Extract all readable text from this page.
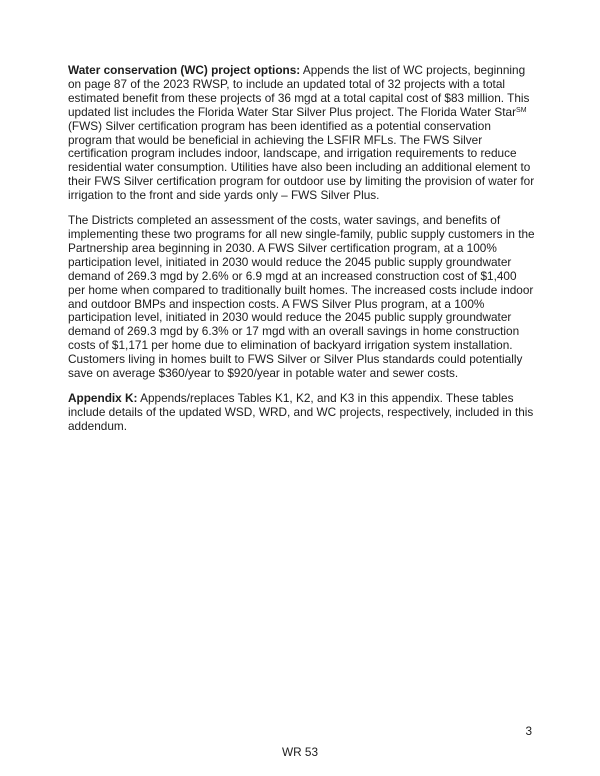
Water conservation (WC) project options: Appends the list of WC projects, beginning on page 87 of the 2023 RWSP, to include an updated total of 32 projects with a total estimated benefit from these projects of 36 mgd at a total capital cost of $83 million. This updated list includes the Florida Water Star Silver Plus project. The Florida Water Star℠ (FWS) Silver certification program has been identified as a potential conservation program that would be beneficial in achieving the LSFIR MFLs. The FWS Silver certification program includes indoor, landscape, and irrigation requirements to reduce residential water consumption. Utilities have also been including an additional element to their FWS Silver certification program for outdoor use by limiting the provision of water for irrigation to the front and side yards only – FWS Silver Plus.

The Districts completed an assessment of the costs, water savings, and benefits of implementing these two programs for all new single-family, public supply customers in the Partnership area beginning in 2030. A FWS Silver certification program, at a 100% participation level, initiated in 2030 would reduce the 2045 public supply groundwater demand of 269.3 mgd by 2.6% or 6.9 mgd at an increased construction cost of $1,400 per home when compared to traditionally built homes. The increased costs include indoor and outdoor BMPs and inspection costs. A FWS Silver Plus program, at a 100% participation level, initiated in 2030 would reduce the 2045 public supply groundwater demand of 269.3 mgd by 6.3% or 17 mgd with an overall savings in home construction costs of $1,171 per home due to elimination of backyard irrigation system installation. Customers living in homes built to FWS Silver or Silver Plus standards could potentially save on average $360/year to $920/year in potable water and sewer costs.

Appendix K: Appends/replaces Tables K1, K2, and K3 in this appendix. These tables include details of the updated WSD, WRD, and WC projects, respectively, included in this addendum.

3
WR 53
